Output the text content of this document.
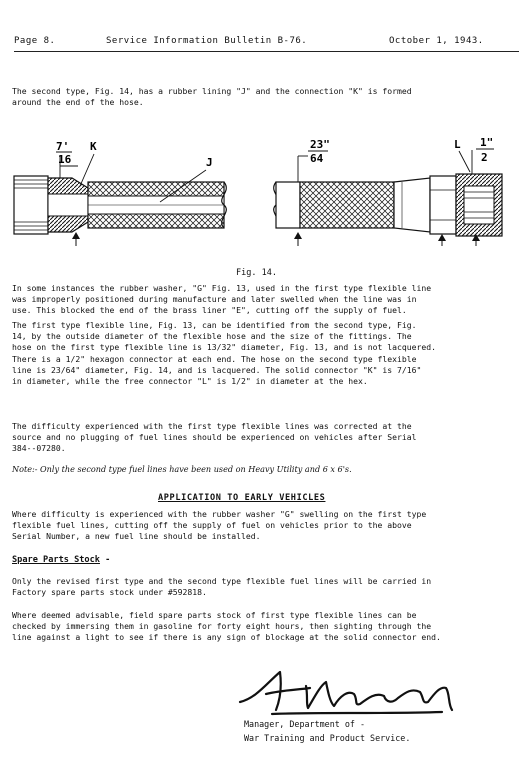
Page 8.	Service Information Bulletin B-76.	October 1, 1943.
The second type, Fig. 14, has a rubber lining "J" and the connection "K" is formed
around the end of the hose.
7'
16
K
J
23"
64
L 1"
2
Fig. 14.
In some instances the rubber washer, "G" Fig. 13, used in the first type flexible line
was improperly positioned during manufacture and later swelled when the line was in
use. This blocked the end of the brass liner "E", cutting off the supply of fuel.
The first type flexible line, Fig. 13, can be identified from the second type, Fig.
14, by the outside diameter of the flexible hose and the size of the fittings. The
hose on the first type flexible line is 13/32" diameter, Fig. 13, and is not lacquered.
There is a 1/2" hexagon connector at each end. The hose on the second type flexible
line is 23/64" diameter, Fig. 14, and is lacquered. The solid connector "K" is 7/16"
in diameter, while the free connector "L" is 1/2" in diameter at the hex.
The difficulty experienced with the first type flexible lines was corrected at the
source and no plugging of fuel lines should be experienced on vehicles after Serial
384--07280.
Note:- Only the second type fuel lines have been used on Heavy Utility and 6 x 6's.
APPLICATION TO EARLY VEHICLES
Where difficulty is experienced with the rubber washer "G" swelling on the first type
flexible fuel lines, cutting off the supply of fuel on vehicles prior to the above
Serial Number, a new fuel line should be installed.
Spare Parts Stock -
Only the revised first type and the second type flexible fuel lines will be carried in
Factory spare parts stock under #592818.
Where deemed advisable, field spare parts stock of first type flexible lines can be
checked by immersing them in gasoline for forty eight hours, then sighting through the
line against a light to see if there is any sign of blockage at the solid connector end.
Manager, Department of -
War Training and Product Service.
